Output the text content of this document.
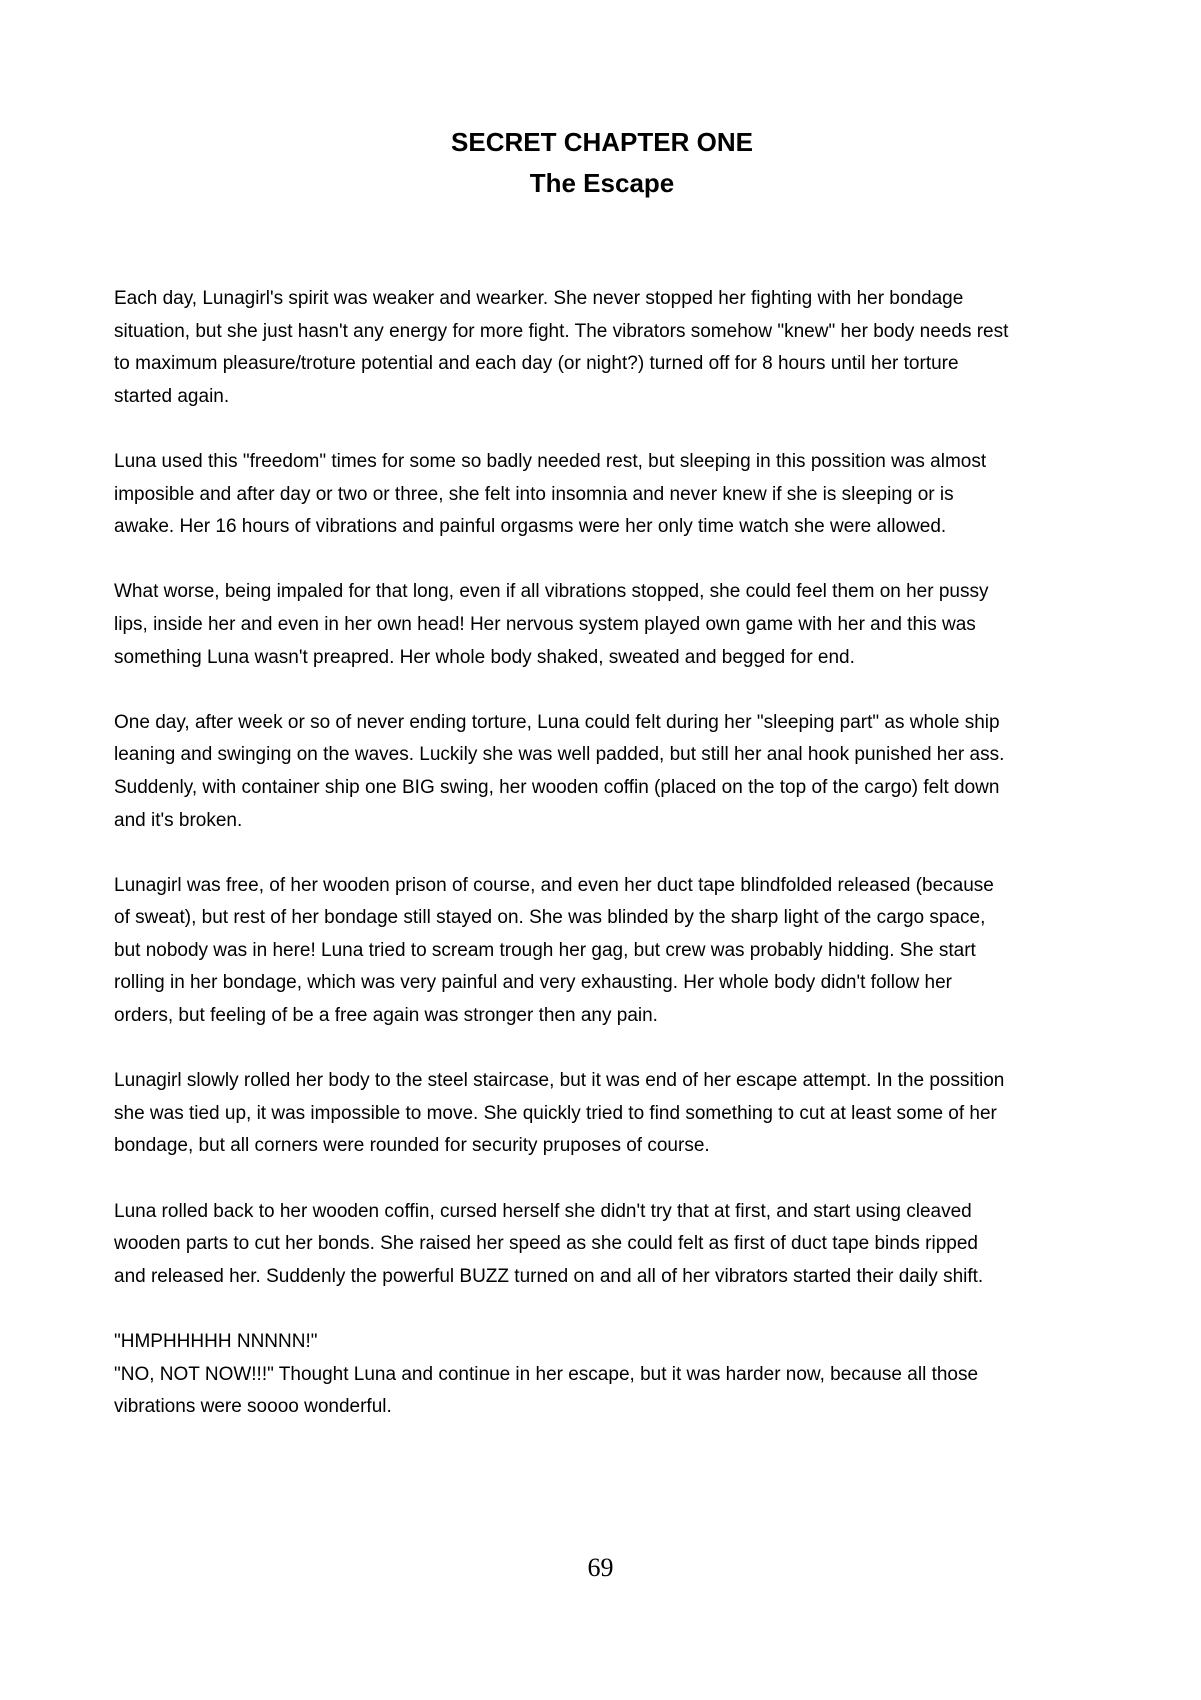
SECRET CHAPTER ONE
The Escape
Each day, Lunagirl's spirit was weaker and wearker. She never stopped her fighting with her bondage
situation, but she just hasn't any energy for more fight. The vibrators somehow "knew" her body needs rest
to maximum pleasure/troture potential and each day (or night?) turned off for 8 hours until her torture
started again.
Luna used this "freedom" times for some so badly needed rest, but sleeping in this possition was almost
imposible and after day or two or three, she felt into insomnia and never knew if she is sleeping or is
awake. Her 16 hours of vibrations and painful orgasms were her only time watch she were allowed.
What worse, being impaled for that long, even if all vibrations stopped, she could feel them on her pussy
lips, inside her and even in her own head! Her nervous system played own game with her and this was
something Luna wasn't preapred. Her whole body shaked, sweated and begged for end.
One day, after week or so of never ending torture, Luna could felt during her "sleeping part" as whole ship
leaning and swinging on the waves. Luckily she was well padded, but still her anal hook punished her ass.
Suddenly, with container ship one BIG swing, her wooden coffin (placed on the top of the cargo) felt down
and it's broken.
Lunagirl was free, of her wooden prison of course, and even her duct tape blindfolded released (because
of sweat), but rest of her bondage still stayed on. She was blinded by the sharp light of the cargo space,
but nobody was in here! Luna tried to scream trough her gag, but crew was probably hidding. She start
rolling in her bondage, which was very painful and very exhausting. Her whole body didn't follow her
orders, but feeling of be a free again was stronger then any pain.
Lunagirl slowly rolled her body to the steel staircase, but it was end of her escape attempt. In the possition
she was tied up, it was impossible to move. She quickly tried to find something to cut at least some of her
bondage, but all corners were rounded for security pruposes of course.
Luna rolled back to her wooden coffin, cursed herself she didn't try that at first, and start using cleaved
wooden parts to cut her bonds. She raised her speed as she could felt as first of duct tape binds ripped
and released her. Suddenly the powerful BUZZ turned on and all of her vibrators started their daily shift.
"HMPHHHHH NNNNN!"
"NO, NOT NOW!!!" Thought Luna and continue in her escape, but it was harder now, because all those
vibrations were soooo wonderful.
69
